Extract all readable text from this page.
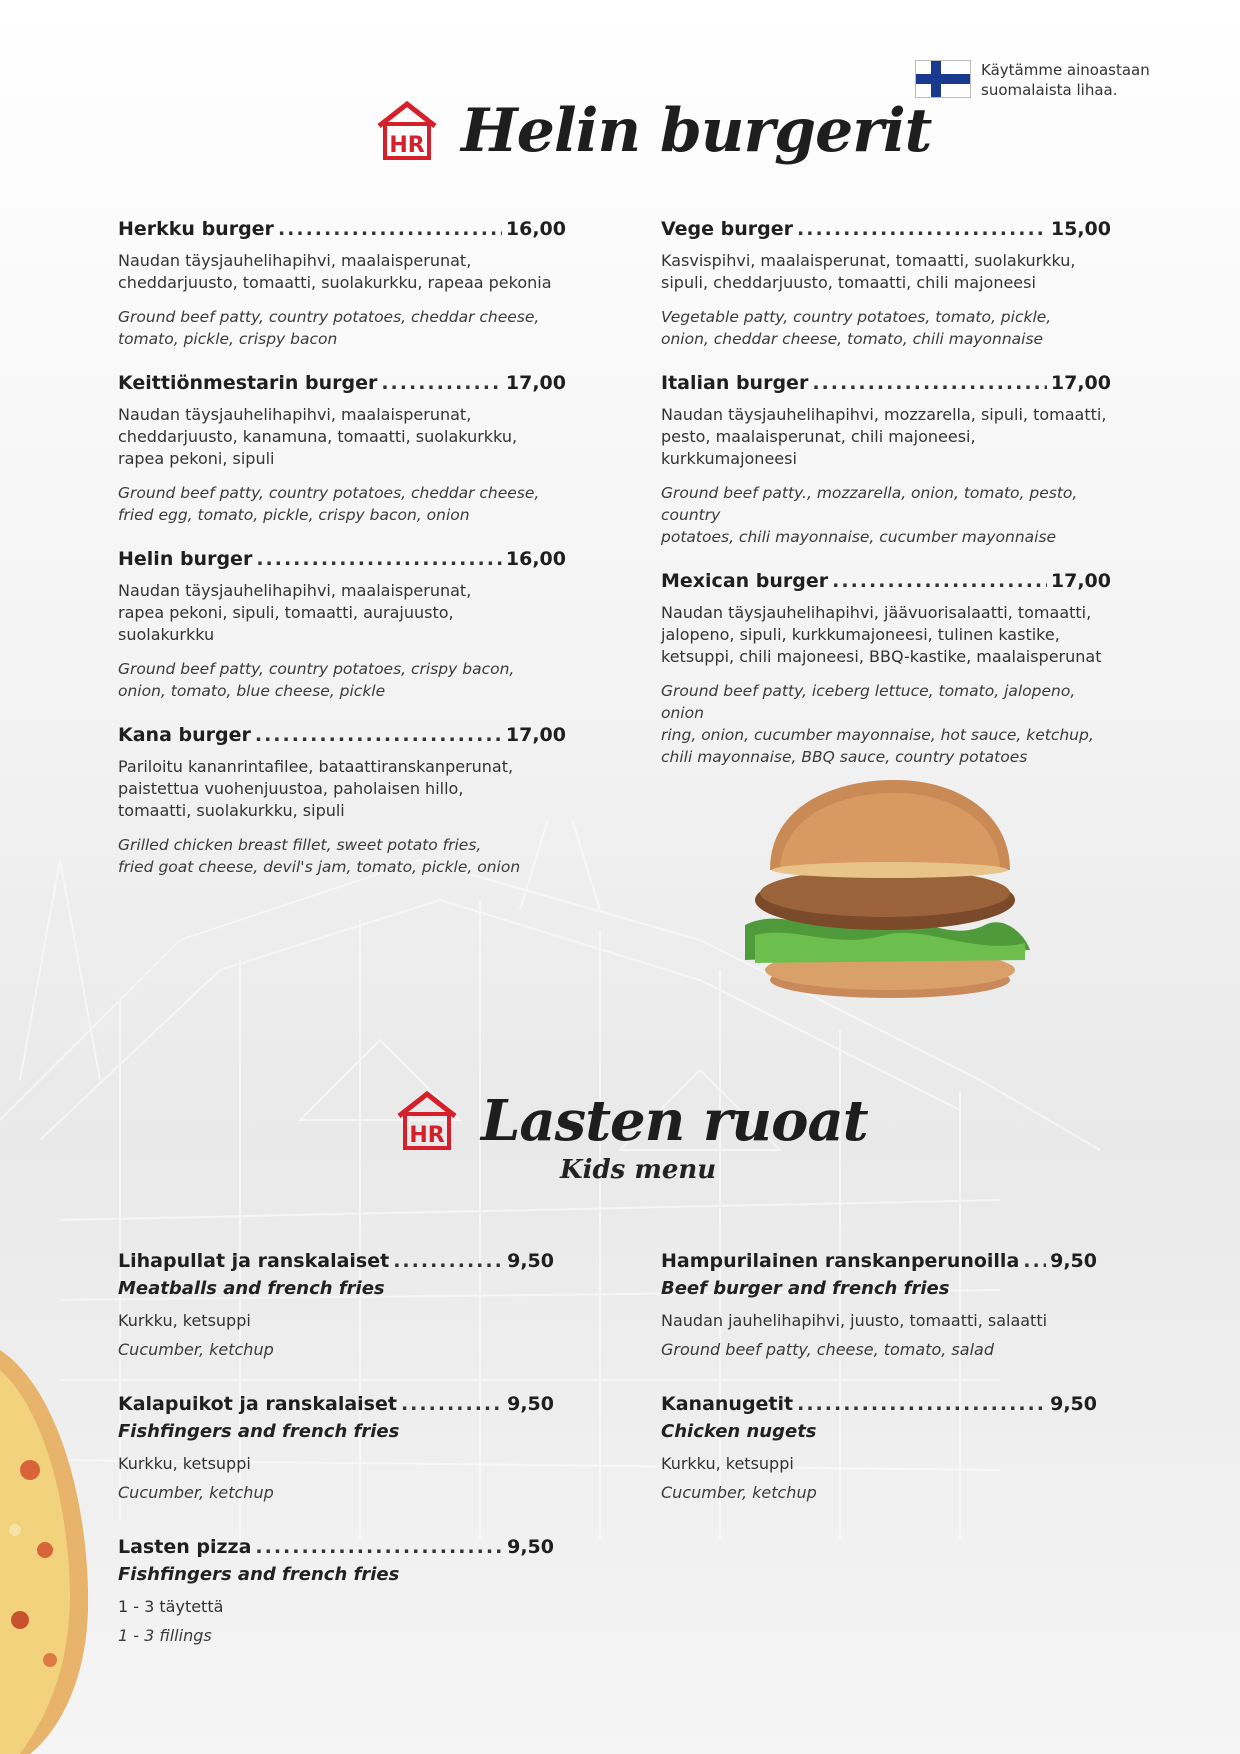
Käytämme ainoastaan
suomalaista lihaa.
HR Helin burgerit
Herkku burger .....	16,00
Naudan täysjauhelihapihvi, maalaisperunat,
cheddarjuusto, tomaatti, suolakurkku, rapeaa pekonia
Ground beef patty, country potatoes, cheddar cheese,
tomato, pickle, crispy bacon
Keittiönmestarin burger .....	17,00
Naudan täysjauhelihapihvi, maalaisperunat,
cheddarjuusto, kanamuna, tomaatti, suolakurkku,
rapea pekoni, sipuli
Ground beef patty, country potatoes, cheddar cheese,
fried egg, tomato, pickle, crispy bacon, onion
Helin burger .....	16,00
Naudan täysjauhelihapihvi, maalaisperunat,
rapea pekoni, sipuli, tomaatti, aurajuusto,
suolakurkku
Ground beef patty, country potatoes, crispy bacon,
onion, tomato, blue cheese, pickle
Kana burger .....	17,00
Pariloitu kananrintafilee, bataattiranskanperunat,
paistettua vuohenjuustoa, paholaisen hillo,
tomaatti, suolakurkku, sipuli
Grilled chicken breast fillet, sweet potato fries,
fried goat cheese, devil's jam, tomato, pickle, onion
Vege burger .....	15,00
Kasvispihvi, maalaisperunat, tomaatti, suolakurkku,
sipuli, cheddarjuusto, tomaatti, chili majoneesi
Vegetable patty, country potatoes, tomato, pickle,
onion, cheddar cheese, tomato, chili mayonnaise
Italian burger .....	17,00
Naudan täysjauhelihapihvi, mozzarella, sipuli, tomaatti,
pesto, maalaisperunat, chili majoneesi, kurkkumajoneesi
Ground beef patty., mozzarella, onion, tomato, pesto, country
potatoes, chili mayonnaise, cucumber mayonnaise
Mexican burger .....	17,00
Naudan täysjauhelihapihvi, jäävuorisalaatti, tomaatti,
jalopeno, sipuli, kurkkumajoneesi, tulinen kastike,
ketsuppi, chili majoneesi, BBQ-kastike, maalaisperunat
Ground beef patty, iceberg lettuce, tomato, jalopeno, onion
ring, onion, cucumber mayonnaise, hot sauce, ketchup,
chili mayonnaise, BBQ sauce, country potatoes
HR Lasten ruoat
Kids menu
Lihapullat ja ranskalaiset .....	9,50
Meatballs and french fries
Kurkku, ketsuppi
Cucumber, ketchup
Kalapuikot ja ranskalaiset .....	9,50
Fishfingers and french fries
Kurkku, ketsuppi
Cucumber, ketchup
Lasten pizza .....	9,50
Fishfingers and french fries
1 - 3 täytettä
1 - 3 fillings
Hampurilainen ranskanperunoilla ..... 9,50
Beef burger and french fries
Naudan jauhelihapihvi, juusto, tomaatti, salaatti
Ground beef patty, cheese, tomato, salad
Kananugetit .....	9,50
Chicken nugets
Kurkku, ketsuppi
Cucumber, ketchup
